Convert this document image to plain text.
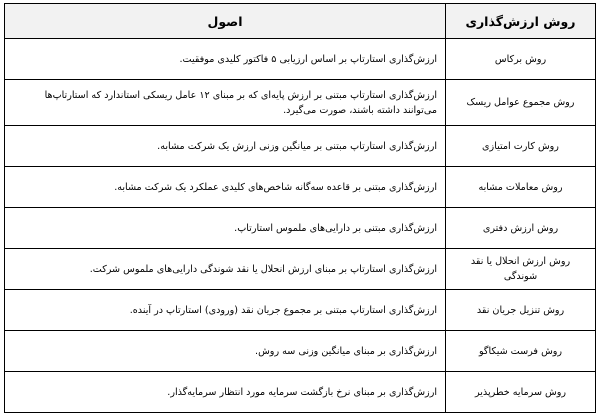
روش ارزش‌گذاری	اصول
روش برکاس	ارزش‌گذاری استارتاپ بر اساس ارزیابی ۵ فاکتور کلیدی موفقیت.
روش مجموع عوامل ریسک	ارزش‌گذاری استارتاپ مبتنی بر ارزش پایه‌ای که بر مبنای ۱۲ عامل ریسکی استاندارد که استارتاپ‌ها می‌توانند داشته باشند، صورت می‌گیرد.
روش کارت امتیازی	ارزش‌گذاری استارتاپ مبتنی بر میانگین وزنی ارزش یک شرکت مشابه.
روش معاملات مشابه	ارزش‌گذاری مبتنی بر قاعده سه‌گانه شاخص‌های کلیدی عملکرد یک شرکت مشابه.
روش ارزش دفتری	ارزش‌گذاری مبتنی بر دارایی‌های ملموس استارتاپ.
روش ارزش انحلال یا نقد شوندگی	ارزش‌گذاری استارتاپ بر مبنای ارزش انحلال یا نقد شوندگی دارایی‌های ملموس شرکت.
روش تنزیل جریان نقد	ارزش‌گذاری استارتاپ مبتنی بر مجموع جریان نقد (ورودی) استارتاپ در آینده.
روش فرست شیکاگو	ارزش‌گذاری بر مبنای میانگین وزنی سه روش.
روش سرمایه خطرپذیر	ارزش‌گذاری بر مبنای نرخ بازگشت سرمایه مورد انتظار سرمایه‌گذار.
